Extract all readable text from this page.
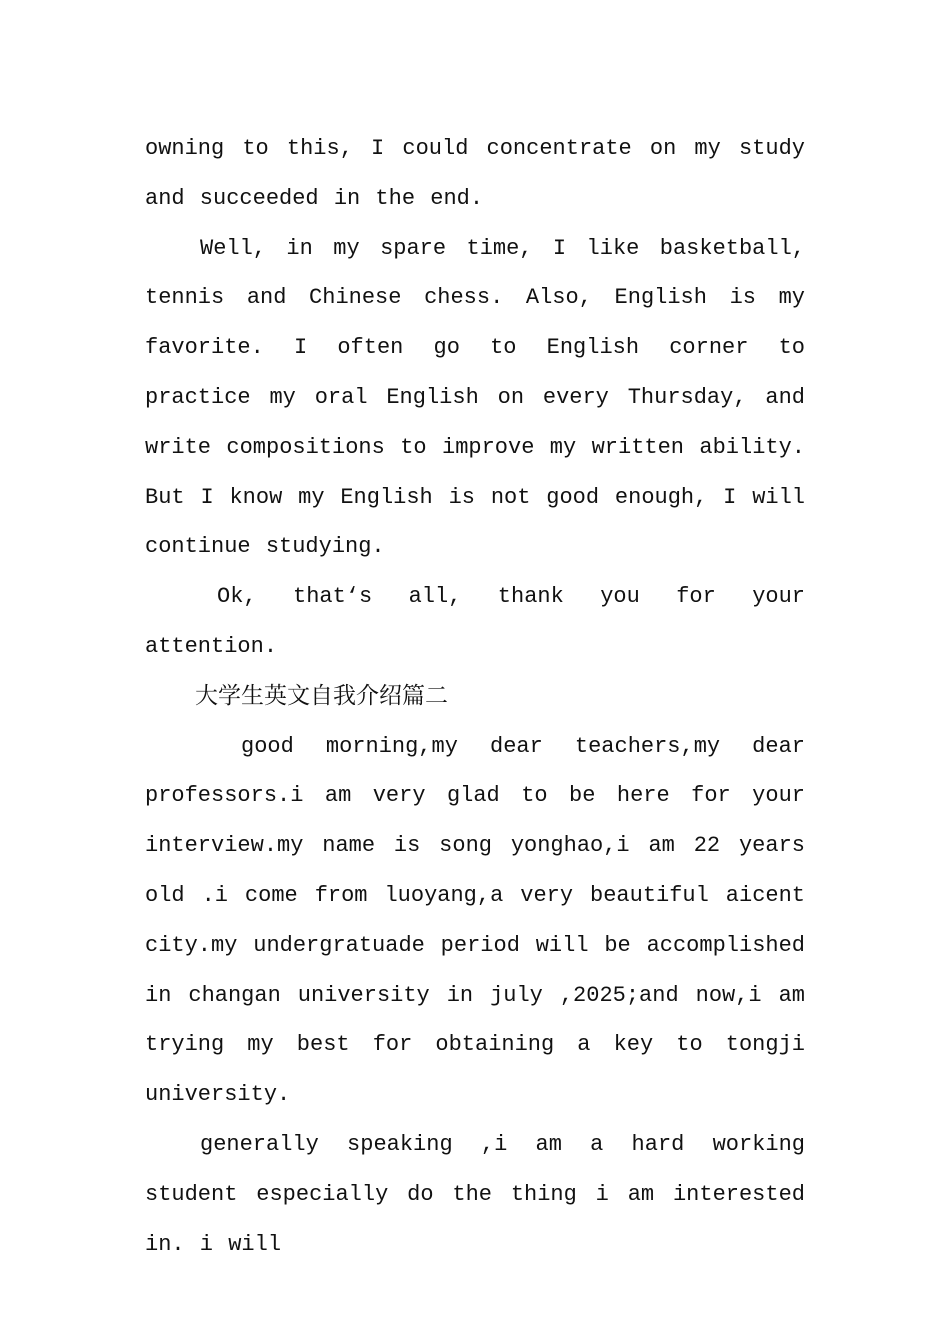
owning to this, I could concentrate on my study and succeeded in the end.

Well, in my spare time, I like basketball, tennis and Chinese chess. Also, English is my favorite. I often go to English corner to practice my oral English on every Thursday, and write compositions to improve my written ability. But I know my English is not good enough, I will continue studying.

Ok, that‘s all, thank you for your attention.

大学生英文自我介绍篇二

good morning,my dear teachers,my dear professors.i am very glad to be here for your interview.my name is song yonghao,i am 22 years old .i come from luoyang,a very beautiful aicent city.my undergratuade period will be accomplished in changan university in july ,2025;and now,i am trying my best for obtaining a key to tongji university.

generally speaking ,i am a hard working student especially do the thing i am interested in. i will
